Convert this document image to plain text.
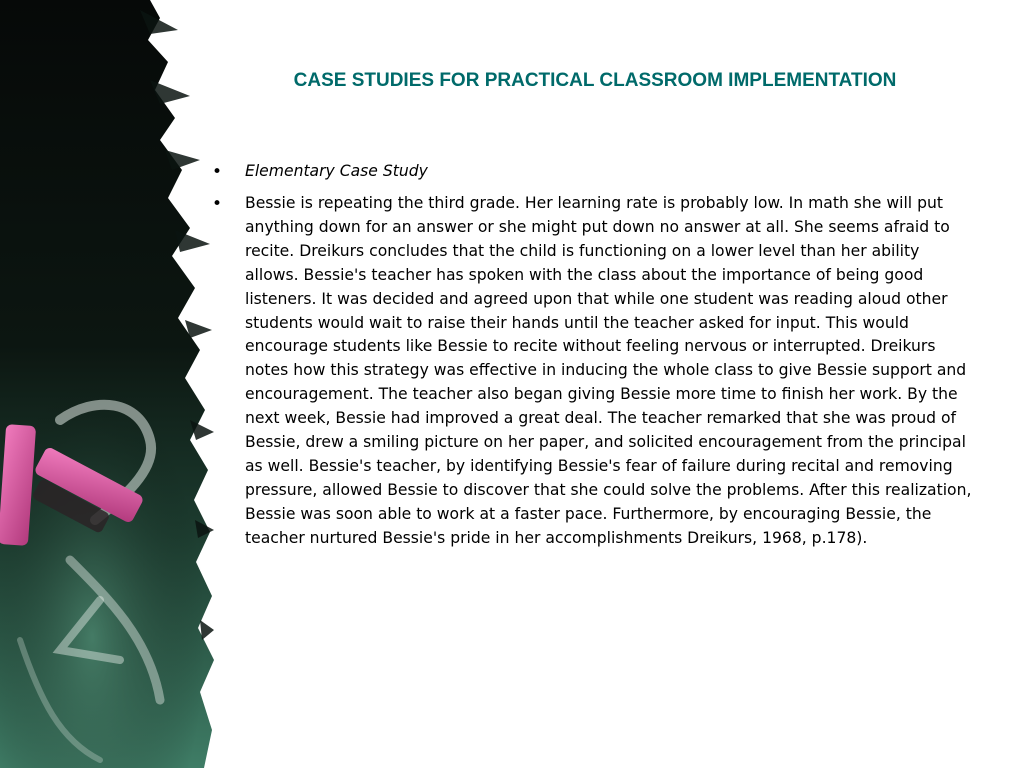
CASE STUDIES FOR PRACTICAL CLASSROOM IMPLEMENTATION
•	Elementary Case Study
•	Bessie is repeating the third grade. Her learning rate is probably low. In math she will put anything down for an answer or she might put down no answer at all. She seems afraid to recite. Dreikurs concludes that the child is functioning on a lower level than her ability allows. Bessie's teacher has spoken with the class about the importance of being good listeners. It was decided and agreed upon that while one student was reading aloud other students would wait to raise their hands until the teacher asked for input. This would encourage students like Bessie to recite without feeling nervous or interrupted. Dreikurs notes how this strategy was effective in inducing the whole class to give Bessie support and encouragement. The teacher also began giving Bessie more time to finish her work. By the next week, Bessie had improved a great deal. The teacher remarked that she was proud of Bessie, drew a smiling picture on her paper, and solicited encouragement from the principal as well. Bessie's teacher, by identifying Bessie's fear of failure during recital and removing pressure, allowed Bessie to discover that she could solve the problems. After this realization, Bessie was soon able to work at a faster pace. Furthermore, by encouraging Bessie, the teacher nurtured Bessie's pride in her accomplishments Dreikurs, 1968, p.178).
